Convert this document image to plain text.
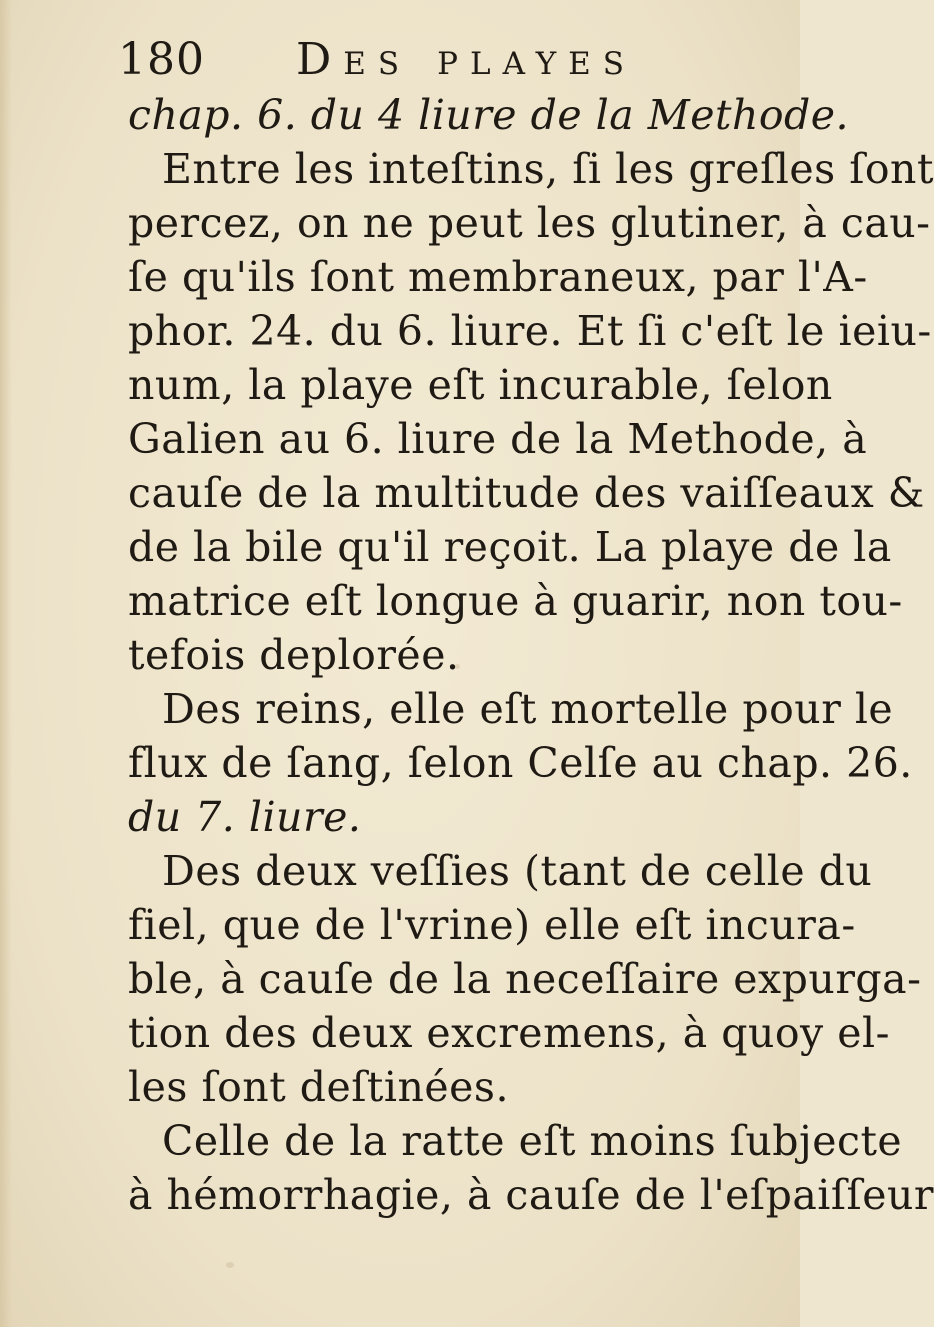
180 Des playes
chap. 6. du 4 liure de la Methode.
Entre les inteſtins, ſi les greſles ſont
percez, on ne peut les glutiner, à cau-
ſe qu'ils ſont membraneux, par l'A-
phor. 24. du 6. liure. Et ſi c'eſt le ieiu-
num, la playe eſt incurable, ſelon
Galien au 6. liure de la Methode, à
cauſe de la multitude des vaiſſeaux &
de la bile qu'il reçoit. La playe de la
matrice eſt longue à guarir, non tou-
tefois deplorée.
Des reins, elle eſt mortelle pour le
flux de ſang, ſelon Celſe au chap. 26.
du 7. liure.
Des deux veſſies (tant de celle du
fiel, que de l'vrine) elle eſt incura-
ble, à cauſe de la neceſſaire expurga-
tion des deux excremens, à quoy el-
les ſont deſtinées.
Celle de la ratte eſt moins ſubjecte
à hémorrhagie, à cauſe de l'eſpaiſſeur
